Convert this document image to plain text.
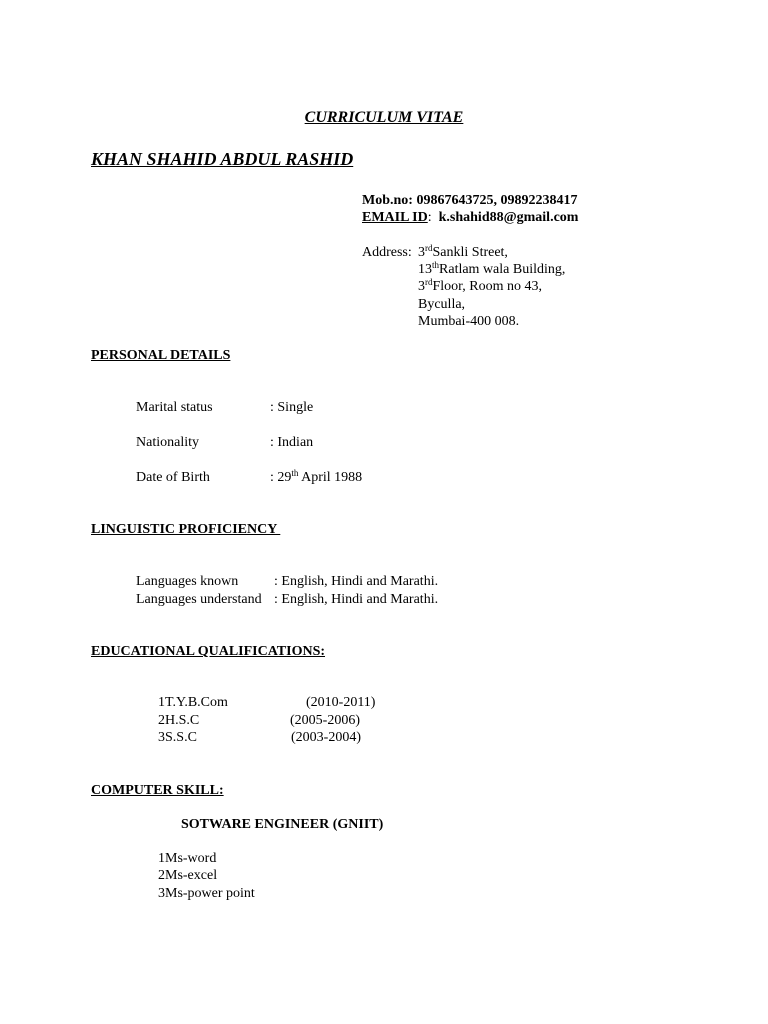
CURRICULUM VITAE
KHAN SHAHID ABDUL RASHID
Mob.no: 09867643725, 09892238417
EMAIL ID: k.shahid88@gmail.com
Address: 3rdSankli Street,
13thRatlam wala Building,
3rdFloor, Room no 43,
Byculla,
Mumbai-400 008.
PERSONAL DETAILS
Marital status	: Single
Nationality	: Indian
Date of Birth	: 29th April 1988
LINGUISTIC PROFICIENCY
Languages known	: English, Hindi and Marathi.
Languages understand : English, Hindi and Marathi.
EDUCATIONAL QUALIFICATIONS:
1T.Y.B.Com	(2010-2011)
2H.S.C	(2005-2006)
3S.S.C	(2003-2004)
COMPUTER SKILL:
SOTWARE ENGINEER (GNIIT)
1Ms-word
2Ms-excel
3Ms-power point
